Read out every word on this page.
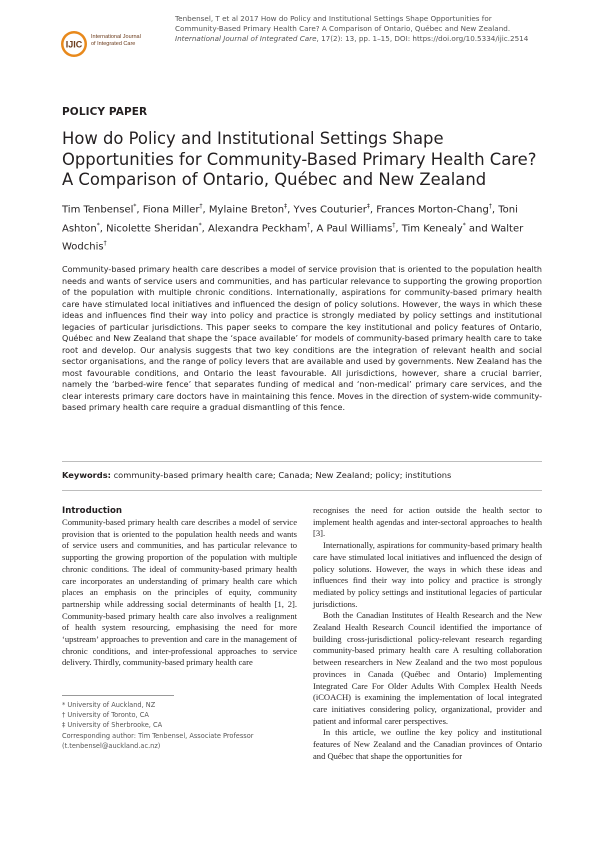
IJIC
International Journal
of Integrated Care
Tenbensel, T et al 2017 How do Policy and Institutional Settings Shape Opportunities for
Community-Based Primary Health Care? A Comparison of Ontario, Québec and New Zealand.
International Journal of Integrated Care, 17(2): 13, pp. 1–15, DOI: https://doi.org/10.5334/ijic.2514
POLICY PAPER
How do Policy and Institutional Settings Shape Opportunities for Community-Based Primary Health Care? A Comparison of Ontario, Québec and New Zealand
Tim Tenbensel*, Fiona Miller†, Mylaine Breton‡, Yves Couturier‡, Frances Morton-Chang†, Toni Ashton*, Nicolette Sheridan*, Alexandra Peckham†, A Paul Williams†, Tim Kenealy* and Walter Wodchis†
Community-based primary health care describes a model of service provision that is oriented to the population health needs and wants of service users and communities, and has particular relevance to supporting the growing proportion of the population with multiple chronic conditions. Internationally, aspirations for community-based primary health care have stimulated local initiatives and influenced the design of policy solutions. However, the ways in which these ideas and influences find their way into policy and practice is strongly mediated by policy settings and institutional legacies of particular jurisdictions. This paper seeks to compare the key institutional and policy features of Ontario, Québec and New Zealand that shape the ‘space available’ for models of community-based primary health care to take root and develop. Our analysis suggests that two key conditions are the integration of relevant health and social sector organisations, and the range of policy levers that are available and used by governments. New Zealand has the most favourable conditions, and Ontario the least favourable. All jurisdictions, however, share a crucial barrier, namely the ‘barbed-wire fence’ that separates funding of medical and ‘non-medical’ primary care services, and the clear interests primary care doctors have in maintaining this fence. Moves in the direction of system-wide community-based primary health care require a gradual dismantling of this fence.
Keywords: community-based primary health care; Canada; New Zealand; policy; institutions
Introduction

Community-based primary health care describes a model of service provision that is oriented to the population health needs and wants of service users and communities, and has particular relevance to supporting the growing proportion of the population with multiple chronic conditions. The ideal of community-based primary health care incorporates an understanding of primary health care which places an emphasis on the principles of equity, community partnership while addressing social determinants of health [1, 2]. Community-based primary health care also involves a realignment of health system resourcing, emphasising the need for more ‘upstream’ approaches to prevention and care in the management of chronic conditions, and inter-professional approaches to service delivery. Thirdly, community-based primary health care

recognises the need for action outside the health sector to implement health agendas and inter-sectoral approaches to health [3].

Internationally, aspirations for community-based primary health care have stimulated local initiatives and influenced the design of policy solutions. However, the ways in which these ideas and influences find their way into policy and practice is strongly mediated by policy settings and institutional legacies of particular jurisdictions.

Both the Canadian Institutes of Health Research and the New Zealand Health Research Council identified the importance of building cross-jurisdictional policy-relevant research regarding community-based primary health care A resulting collaboration between researchers in New Zealand and the two most populous provinces in Canada (Québec and Ontario) Implementing Integrated Care For Older Adults With Complex Health Needs (iCOACH) is examining the implementation of local integrated care initiatives considering policy, organizational, provider and patient and informal carer perspectives.

In this article, we outline the key policy and institutional features of New Zealand and the Canadian provinces of Ontario and Québec that shape the opportunities for

* University of Auckland, NZ
† University of Toronto, CA
‡ University of Sherbrooke, CA
Corresponding author: Tim Tenbensel, Associate Professor
(t.tenbensel@auckland.ac.nz)
